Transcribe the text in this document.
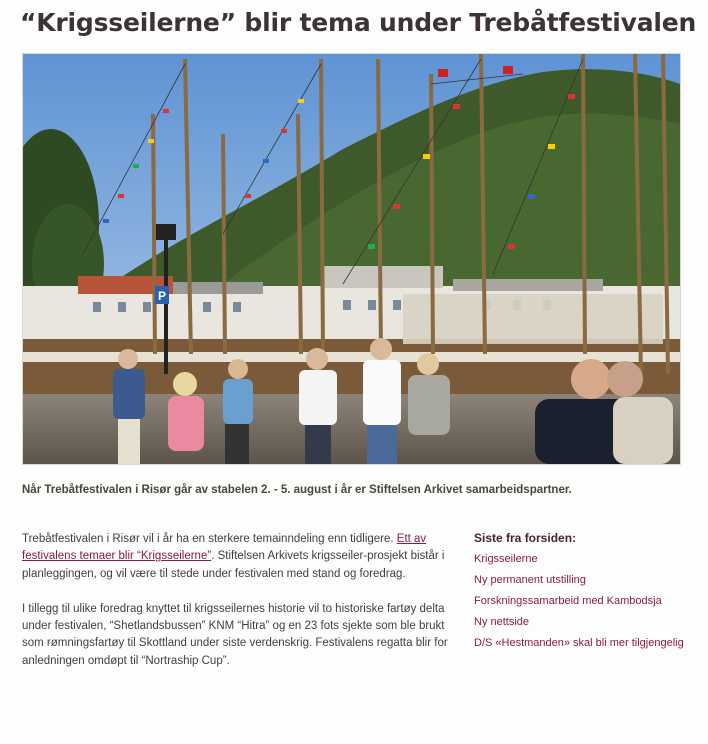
“Krigsseilerne” blir tema under Trebåtfestivalen
P

Når Trebåtfestivalen i Risør går av stabelen 2. - 5. august i år er Stiftelsen Arkivet samarbeidspartner.

Trebåtfestivalen i Risør vil i år ha en sterkere temainndeling enn tidligere. Ett av festivalens temaer blir “Krigsseilerne”. Stiftelsen Arkivets krigsseiler-prosjekt bistår i planleggingen, og vil være til stede under festivalen med stand og foredrag.

I tillegg til ulike foredrag knyttet til krigsseilernes historie vil to historiske fartøy delta under festivalen, “Shetlandsbussen” KNM “Hitra” og en 23 fots sjekte som ble brukt som rømningsfartøy til Skottland under siste verdenskrig. Festivalens regatta blir for anledningen omdøpt til “Nortraship Cup”.

Siste fra forsiden:
Krigsseilerne
Ny permanent utstilling
Forskningssamarbeid med Kambodsja
Ny nettside
D/S «Hestmanden» skal bli mer tilgjengelig
